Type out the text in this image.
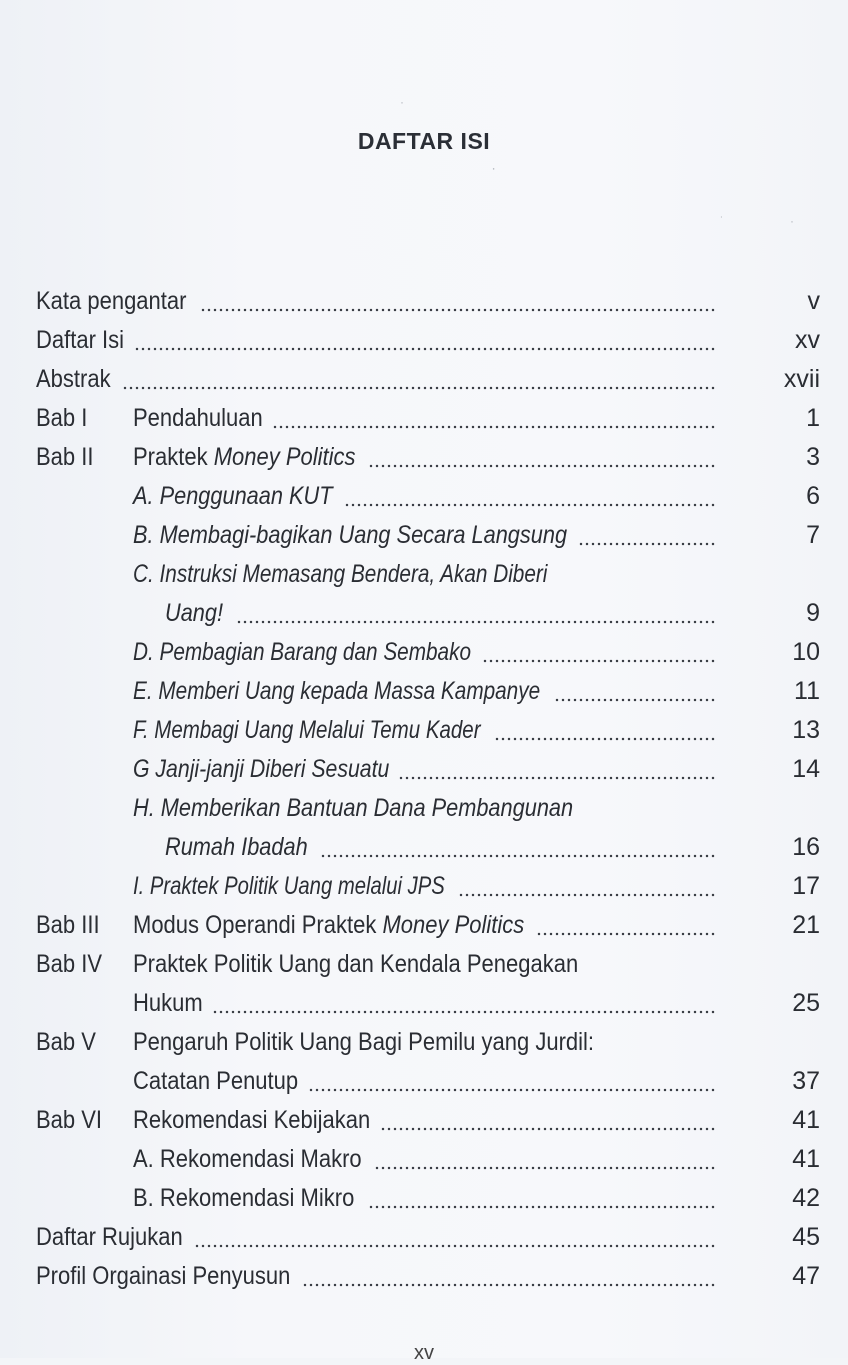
DAFTAR ISI
·
⸱
˙	·
Kata pengantar	v
Daftar Isi	xv
Abstrak	xvii
Bab I Pendahuluan	1
Bab II Praktek Money Politics	3
A. Penggunaan KUT	6
B. Membagi-bagikan Uang Secara Langsung	7
C. Instruksi Memasang Bendera, Akan Diberi
Uang!	9
D. Pembagian Barang dan Sembako	10
E. Memberi Uang kepada Massa Kampanye	11
F. Membagi Uang Melalui Temu Kader	13
G Janji-janji Diberi Sesuatu	14
H. Memberikan Bantuan Dana Pembangunan
Rumah Ibadah	16
I. Praktek Politik Uang melalui JPS	17
Bab III Modus Operandi Praktek Money Politics	21
Bab IV Praktek Politik Uang dan Kendala Penegakan
Hukum	25
Bab V Pengaruh Politik Uang Bagi Pemilu yang Jurdil:
Catatan Penutup	37
Bab VI Rekomendasi Kebijakan	41
A. Rekomendasi Makro	41
B. Rekomendasi Mikro	42
Daftar Rujukan	45
Profil Orgainasi Penyusun	47
xv
